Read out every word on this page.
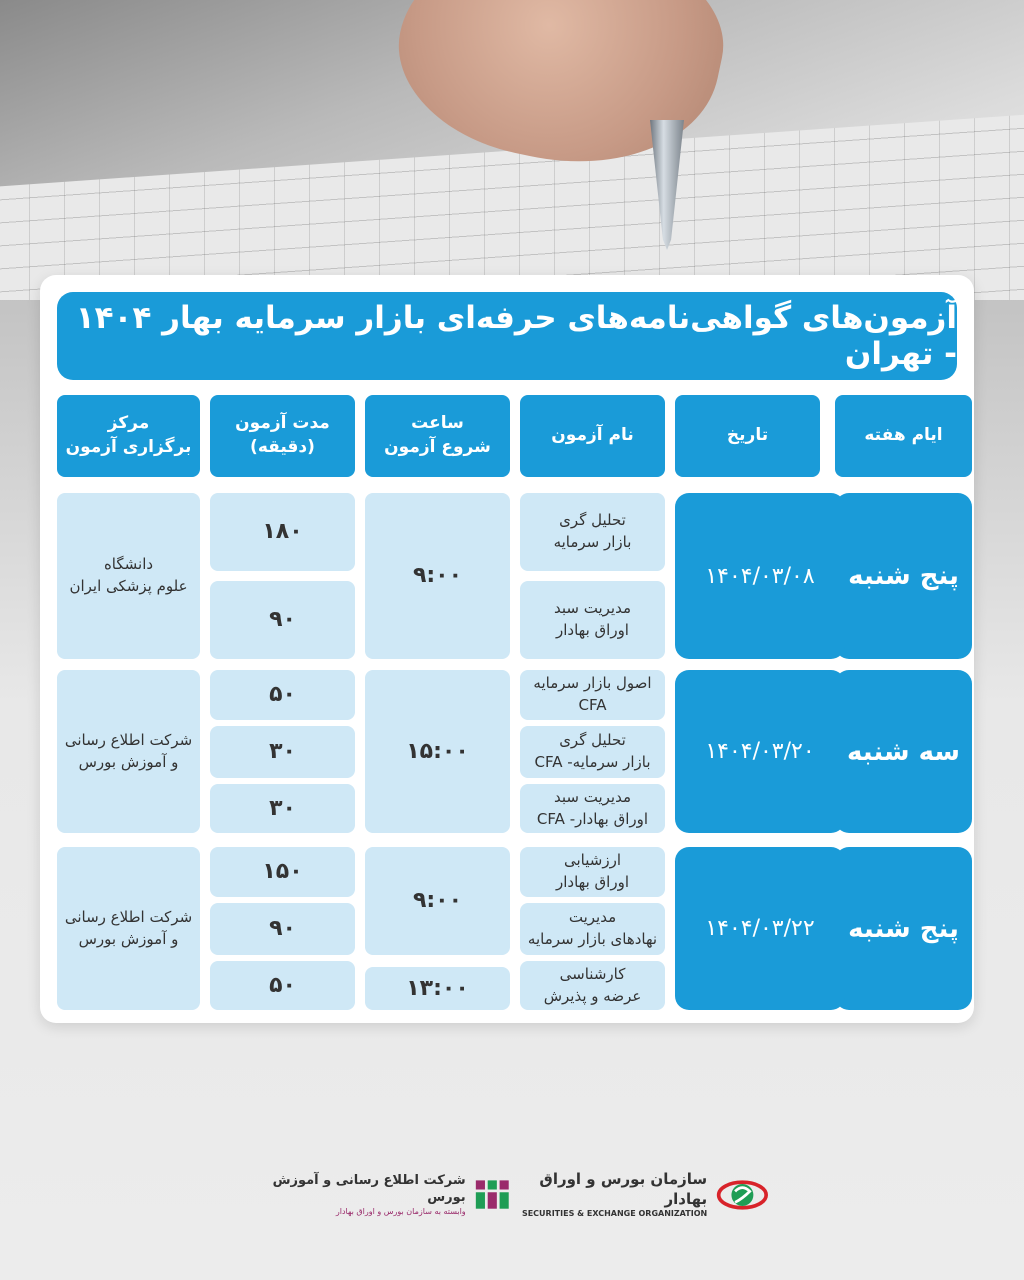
آزمون‌های گواهی‌نامه‌های حرفه‌ای بازار سرمایه بهار ۱۴۰۴ - تهران
ایام هفته
تاریخ
نام آزمون
ساعت
شروع آزمون
مدت آزمون
(دقیقه)
مرکز
برگزاری آزمون
پنج شنبه
۱۴۰۴/۰۳/۰۸
تحلیل گری
بازار سرمایه
مدیریت سبد
اوراق بهادار
۹:۰۰
۱۸۰
۹۰
دانشگاه
علوم پزشکی ایران
سه شنبه
۱۴۰۴/۰۳/۲۰
اصول بازار سرمایه
CFA
تحلیل گری
بازار سرمایه- CFA
مدیریت سبد
اوراق بهادار- CFA
۱۵:۰۰
۵۰
۳۰
۳۰
شرکت اطلاع رسانی
و آموزش بورس
پنج شنبه
۱۴۰۴/۰۳/۲۲
ارزشیابی
اوراق بهادار
مدیریت
نهادهای بازار سرمایه
کارشناسی
عرضه و پذیرش
۹:۰۰
۱۳:۰۰
۱۵۰
۹۰
۵۰
شرکت اطلاع رسانی
و آموزش بورس
شرکت اطلاع رسانی و آموزش بورس
وابسته به سازمان بورس و اوراق بهادار
سازمان بورس و اوراق بهادار
SECURITIES & EXCHANGE ORGANIZATION
